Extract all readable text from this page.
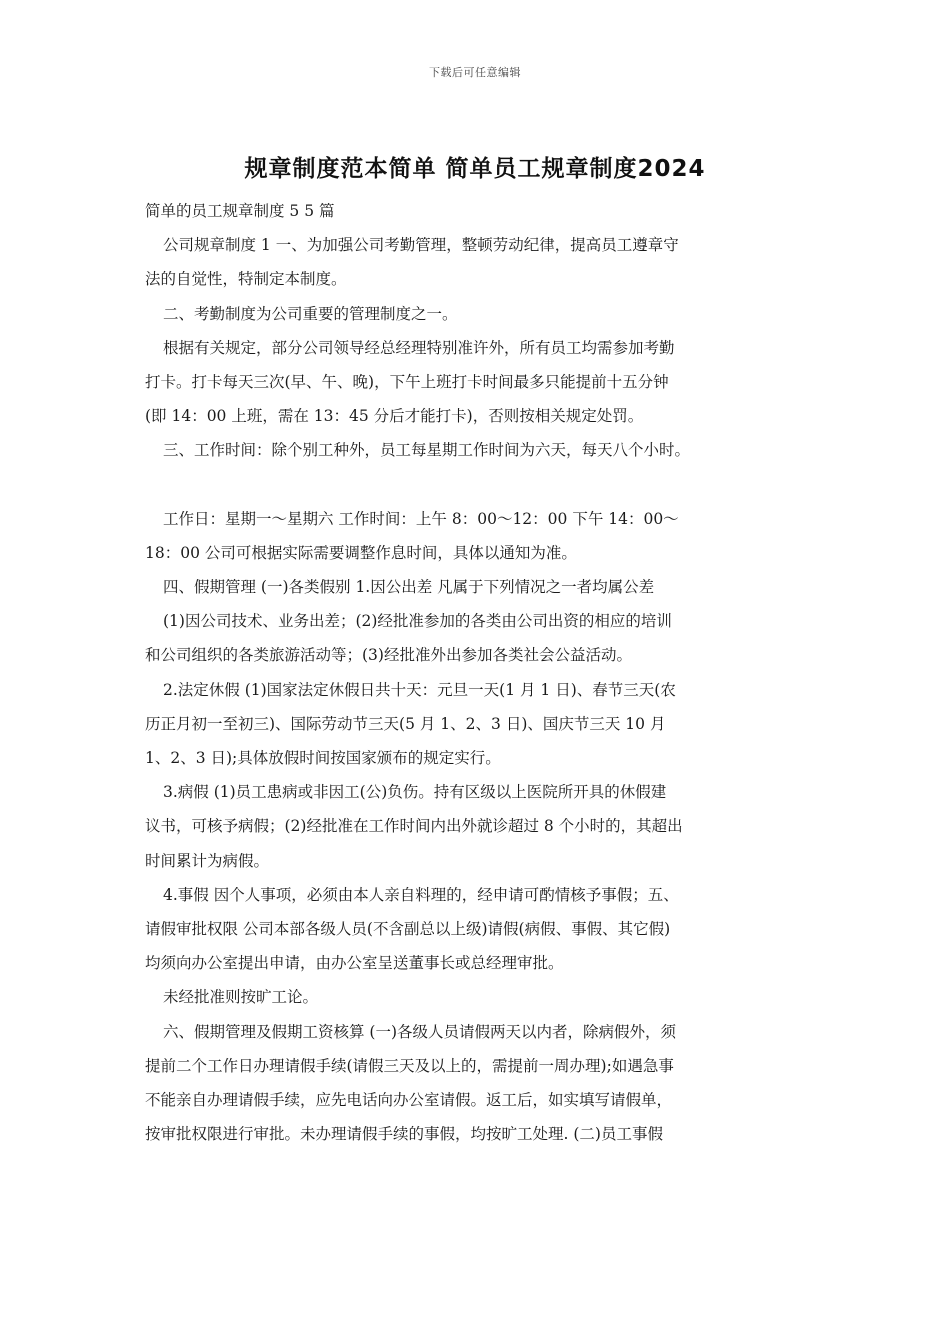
下载后可任意编辑
规章制度范本简单 简单员工规章制度2024
简单的员工规章制度 5 5 篇
公司规章制度 1 一、为加强公司考勤管理，整顿劳动纪律，提高员工遵章守
法的自觉性，特制定本制度。
二、考勤制度为公司重要的管理制度之一。
根据有关规定，部分公司领导经总经理特别准许外，所有员工均需参加考勤
打卡。打卡每天三次(早、午、晚)，下午上班打卡时间最多只能提前十五分钟
(即 14：00 上班，需在 13：45 分后才能打卡)，否则按相关规定处罚。
三、工作时间：除个别工种外，员工每星期工作时间为六天，每天八个小时。
工作日：星期一～星期六 工作时间：上午 8：00～12：00 下午 14：00～
18：00 公司可根据实际需要调整作息时间，具体以通知为准。
四、假期管理 (一)各类假别 1.因公出差 凡属于下列情况之一者均属公差
(1)因公司技术、业务出差；(2)经批准参加的各类由公司出资的相应的培训
和公司组织的各类旅游活动等；(3)经批准外出参加各类社会公益活动。
2.法定休假 (1)国家法定休假日共十天：元旦一天(1 月 1 日)、春节三天(农
历正月初一至初三)、国际劳动节三天(5 月 1、2、3 日)、国庆节三天 10 月
1、2、3 日);具体放假时间按国家颁布的规定实行。
3.病假 (1)员工患病或非因工(公)负伤。持有区级以上医院所开具的休假建
议书，可核予病假；(2)经批准在工作时间内出外就诊超过 8 个小时的，其超出
时间累计为病假。
4.事假 因个人事项，必须由本人亲自料理的，经申请可酌情核予事假；五、
请假审批权限 公司本部各级人员(不含副总以上级)请假(病假、事假、其它假)
均须向办公室提出申请，由办公室呈送董事长或总经理审批。
未经批准则按旷工论。
六、假期管理及假期工资核算 (一)各级人员请假两天以内者，除病假外，须
提前二个工作日办理请假手续(请假三天及以上的，需提前一周办理);如遇急事
不能亲自办理请假手续，应先电话向办公室请假。返工后，如实填写请假单，
按审批权限进行审批。未办理请假手续的事假，均按旷工处理. (二)员工事假
